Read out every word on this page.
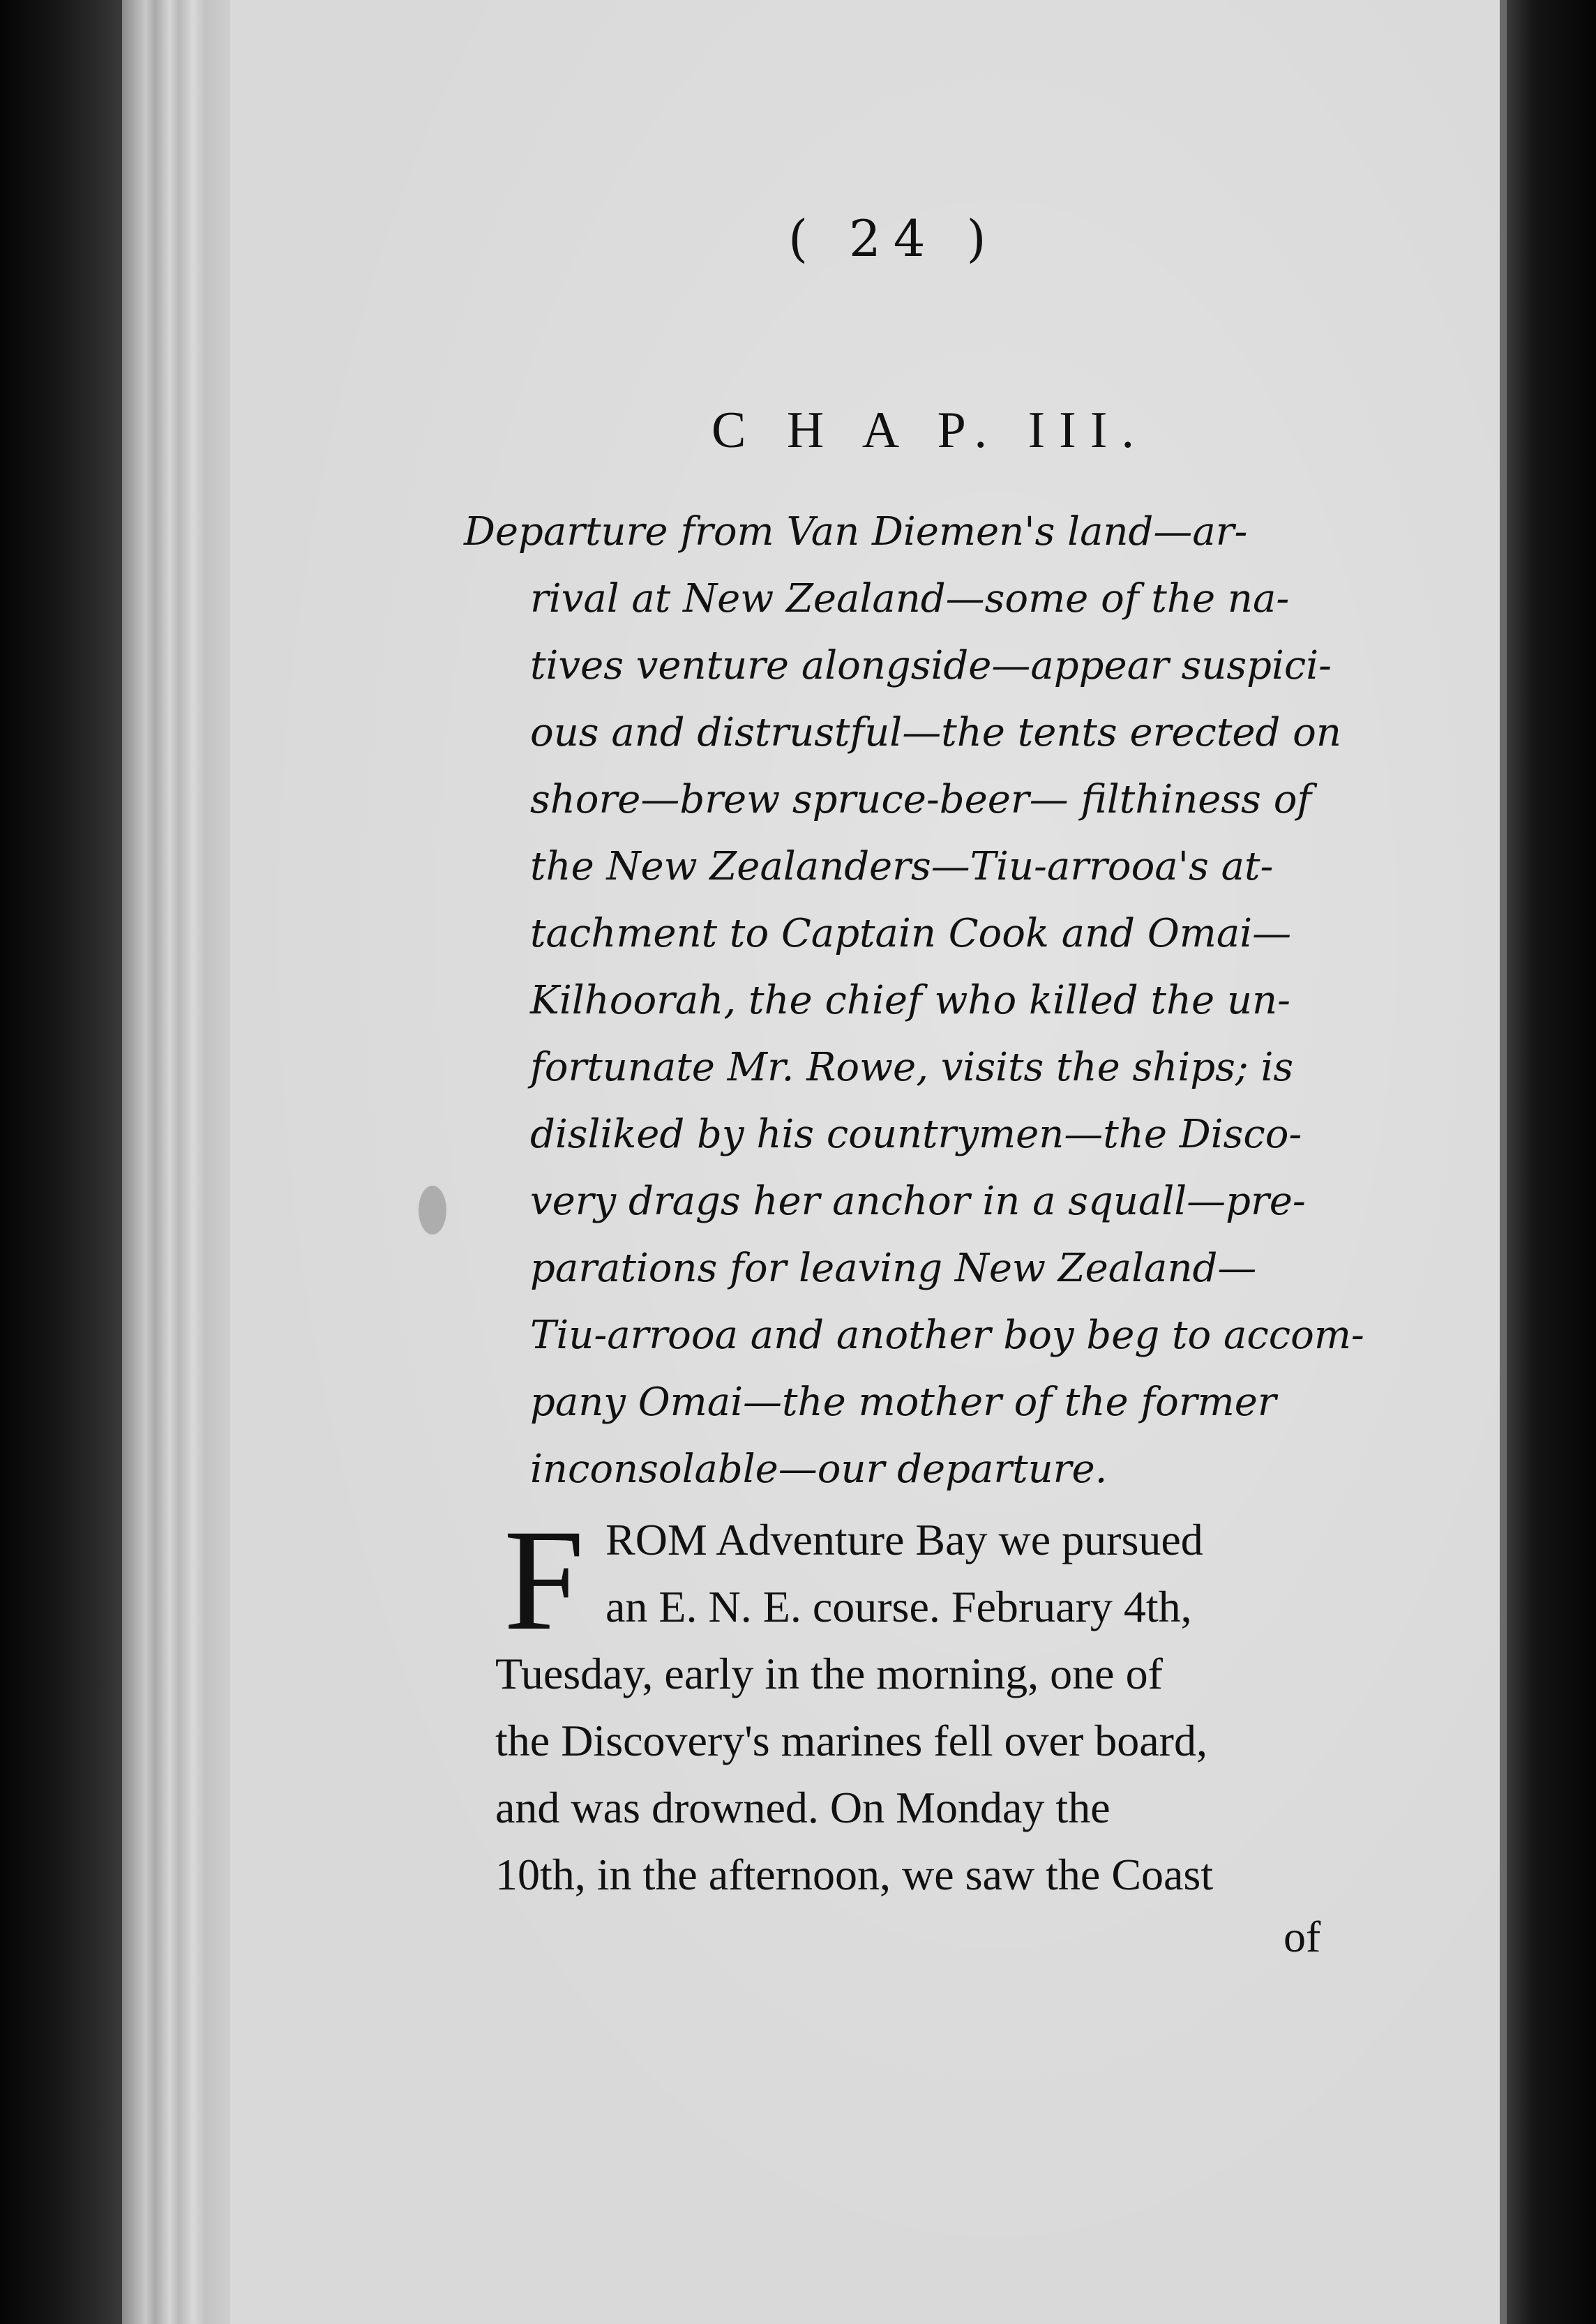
( 24 )
C H A P. III.
Departure from Van Diemen's land—ar-
rival at New Zealand—some of the na-
tives venture alongside—appear suspici-
ous and distrustful—the tents erected on
shore—brew spruce-beer— filthiness of
the New Zealanders—Tiu-arrooa's at-
tachment to Captain Cook and Omai—
Kilhoorah, the chief who killed the un-
fortunate Mr. Rowe, visits the ships; is
disliked by his countrymen—the Disco-
very drags her anchor in a squall—pre-
parations for leaving New Zealand—
Tiu-arrooa and another boy beg to accom-
pany Omai—the mother of the former
inconsolable—our departure.
F ROM Adventure Bay we pursued
an E. N. E. course. February 4th,
Tuesday, early in the morning, one of
the Discovery's marines fell over board,
and was drowned. On Monday the
10th, in the afternoon, we saw the Coast
of
